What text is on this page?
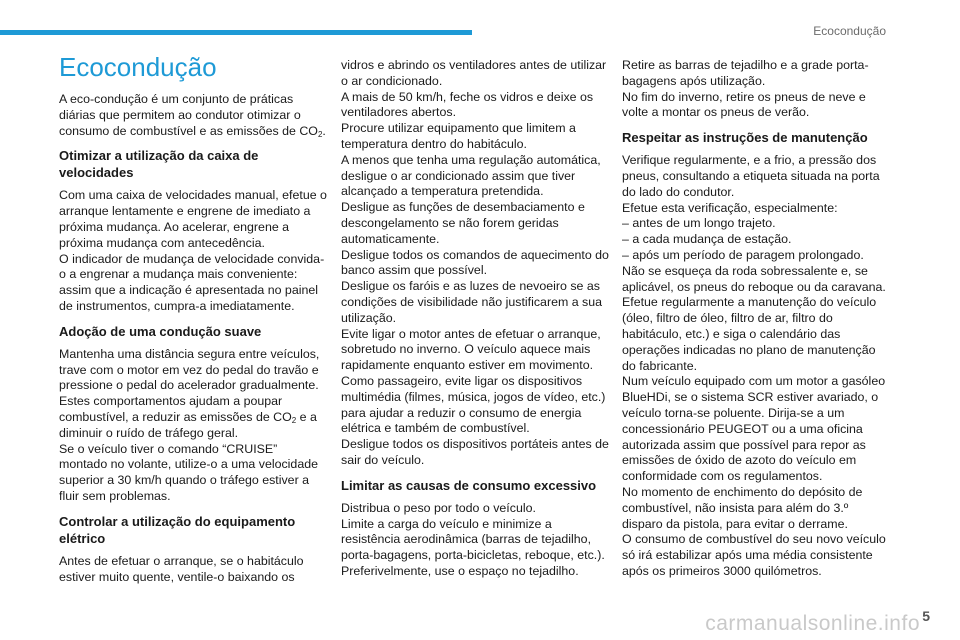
Ecocondução
Ecocondução

A eco-condução é um conjunto de práticas diárias que permitem ao condutor otimizar o consumo de combustível e as emissões de $CO_2$.

Otimizar a utilização da caixa de velocidades

Com uma caixa de velocidades manual, efetue o arranque lentamente e engrene de imediato a próxima mudança. Ao acelerar, engrene a próxima mudança com antecedência.

O indicador de mudança de velocidade convida-o a engrenar a mudança mais conveniente: assim que a indicação é apresentada no painel de instrumentos, cumpra-a imediatamente.

Adoção de uma condução suave

Mantenha uma distância segura entre veículos, trave com o motor em vez do pedal do travão e pressione o pedal do acelerador gradualmente. Estes comportamentos ajudam a poupar combustível, a reduzir as emissões de $CO_2$ e a diminuir o ruído de tráfego geral.

Se o veículo tiver o comando “CRUISE” montado no volante, utilize-o a uma velocidade superior a 30 km/h quando o tráfego estiver a fluir sem problemas.

Controlar a utilização do equipamento elétrico

Antes de efetuar o arranque, se o habitáculo estiver muito quente, ventile-o baixando os

vidros e abrindo os ventiladores antes de utilizar o ar condicionado.

A mais de 50 km/h, feche os vidros e deixe os ventiladores abertos.

Procure utilizar equipamento que limitem a temperatura dentro do habitáculo.

A menos que tenha uma regulação automática, desligue o ar condicionado assim que tiver alcançado a temperatura pretendida.

Desligue as funções de desembaciamento e descongelamento se não forem geridas automaticamente.

Desligue todos os comandos de aquecimento do banco assim que possível.

Desligue os faróis e as luzes de nevoeiro se as condições de visibilidade não justificarem a sua utilização.

Evite ligar o motor antes de efetuar o arranque, sobretudo no inverno. O veículo aquece mais rapidamente enquanto estiver em movimento.

Como passageiro, evite ligar os dispositivos multimédia (filmes, música, jogos de vídeo, etc.) para ajudar a reduzir o consumo de energia elétrica e também de combustível.

Desligue todos os dispositivos portáteis antes de sair do veículo.

Limitar as causas de consumo excessivo

Distribua o peso por todo o veículo.

Limite a carga do veículo e minimize a resistência aerodinâmica (barras de tejadilho, porta-bagagens, porta-bicicletas, reboque, etc.). Preferivelmente, use o espaço no tejadilho.

Retire as barras de tejadilho e a grade porta-bagagens após utilização.

No fim do inverno, retire os pneus de neve e volte a montar os pneus de verão.

Respeitar as instruções de manutenção

Verifique regularmente, e a frio, a pressão dos pneus, consultando a etiqueta situada na porta do lado do condutor.

Efetue esta verificação, especialmente:

– antes de um longo trajeto.

– a cada mudança de estação.

– após um período de paragem prolongado.

Não se esqueça da roda sobressalente e, se aplicável, os pneus do reboque ou da caravana.

Efetue regularmente a manutenção do veículo (óleo, filtro de óleo, filtro de ar, filtro do habitáculo, etc.) e siga o calendário das operações indicadas no plano de manutenção do fabricante.

Num veículo equipado com um motor a gasóleo BlueHDi, se o sistema SCR estiver avariado, o veículo torna-se poluente. Dirija-se a um concessionário PEUGEOT ou a uma oficina autorizada assim que possível para repor as emissões de óxido de azoto do veículo em conformidade com os regulamentos.

No momento de enchimento do depósito de combustível, não insista para além do 3.º disparo da pistola, para evitar o derrame.

O consumo de combustível do seu novo veículo só irá estabilizar após uma média consistente após os primeiros 3000 quilómetros.

carmanualsonline.info 5
